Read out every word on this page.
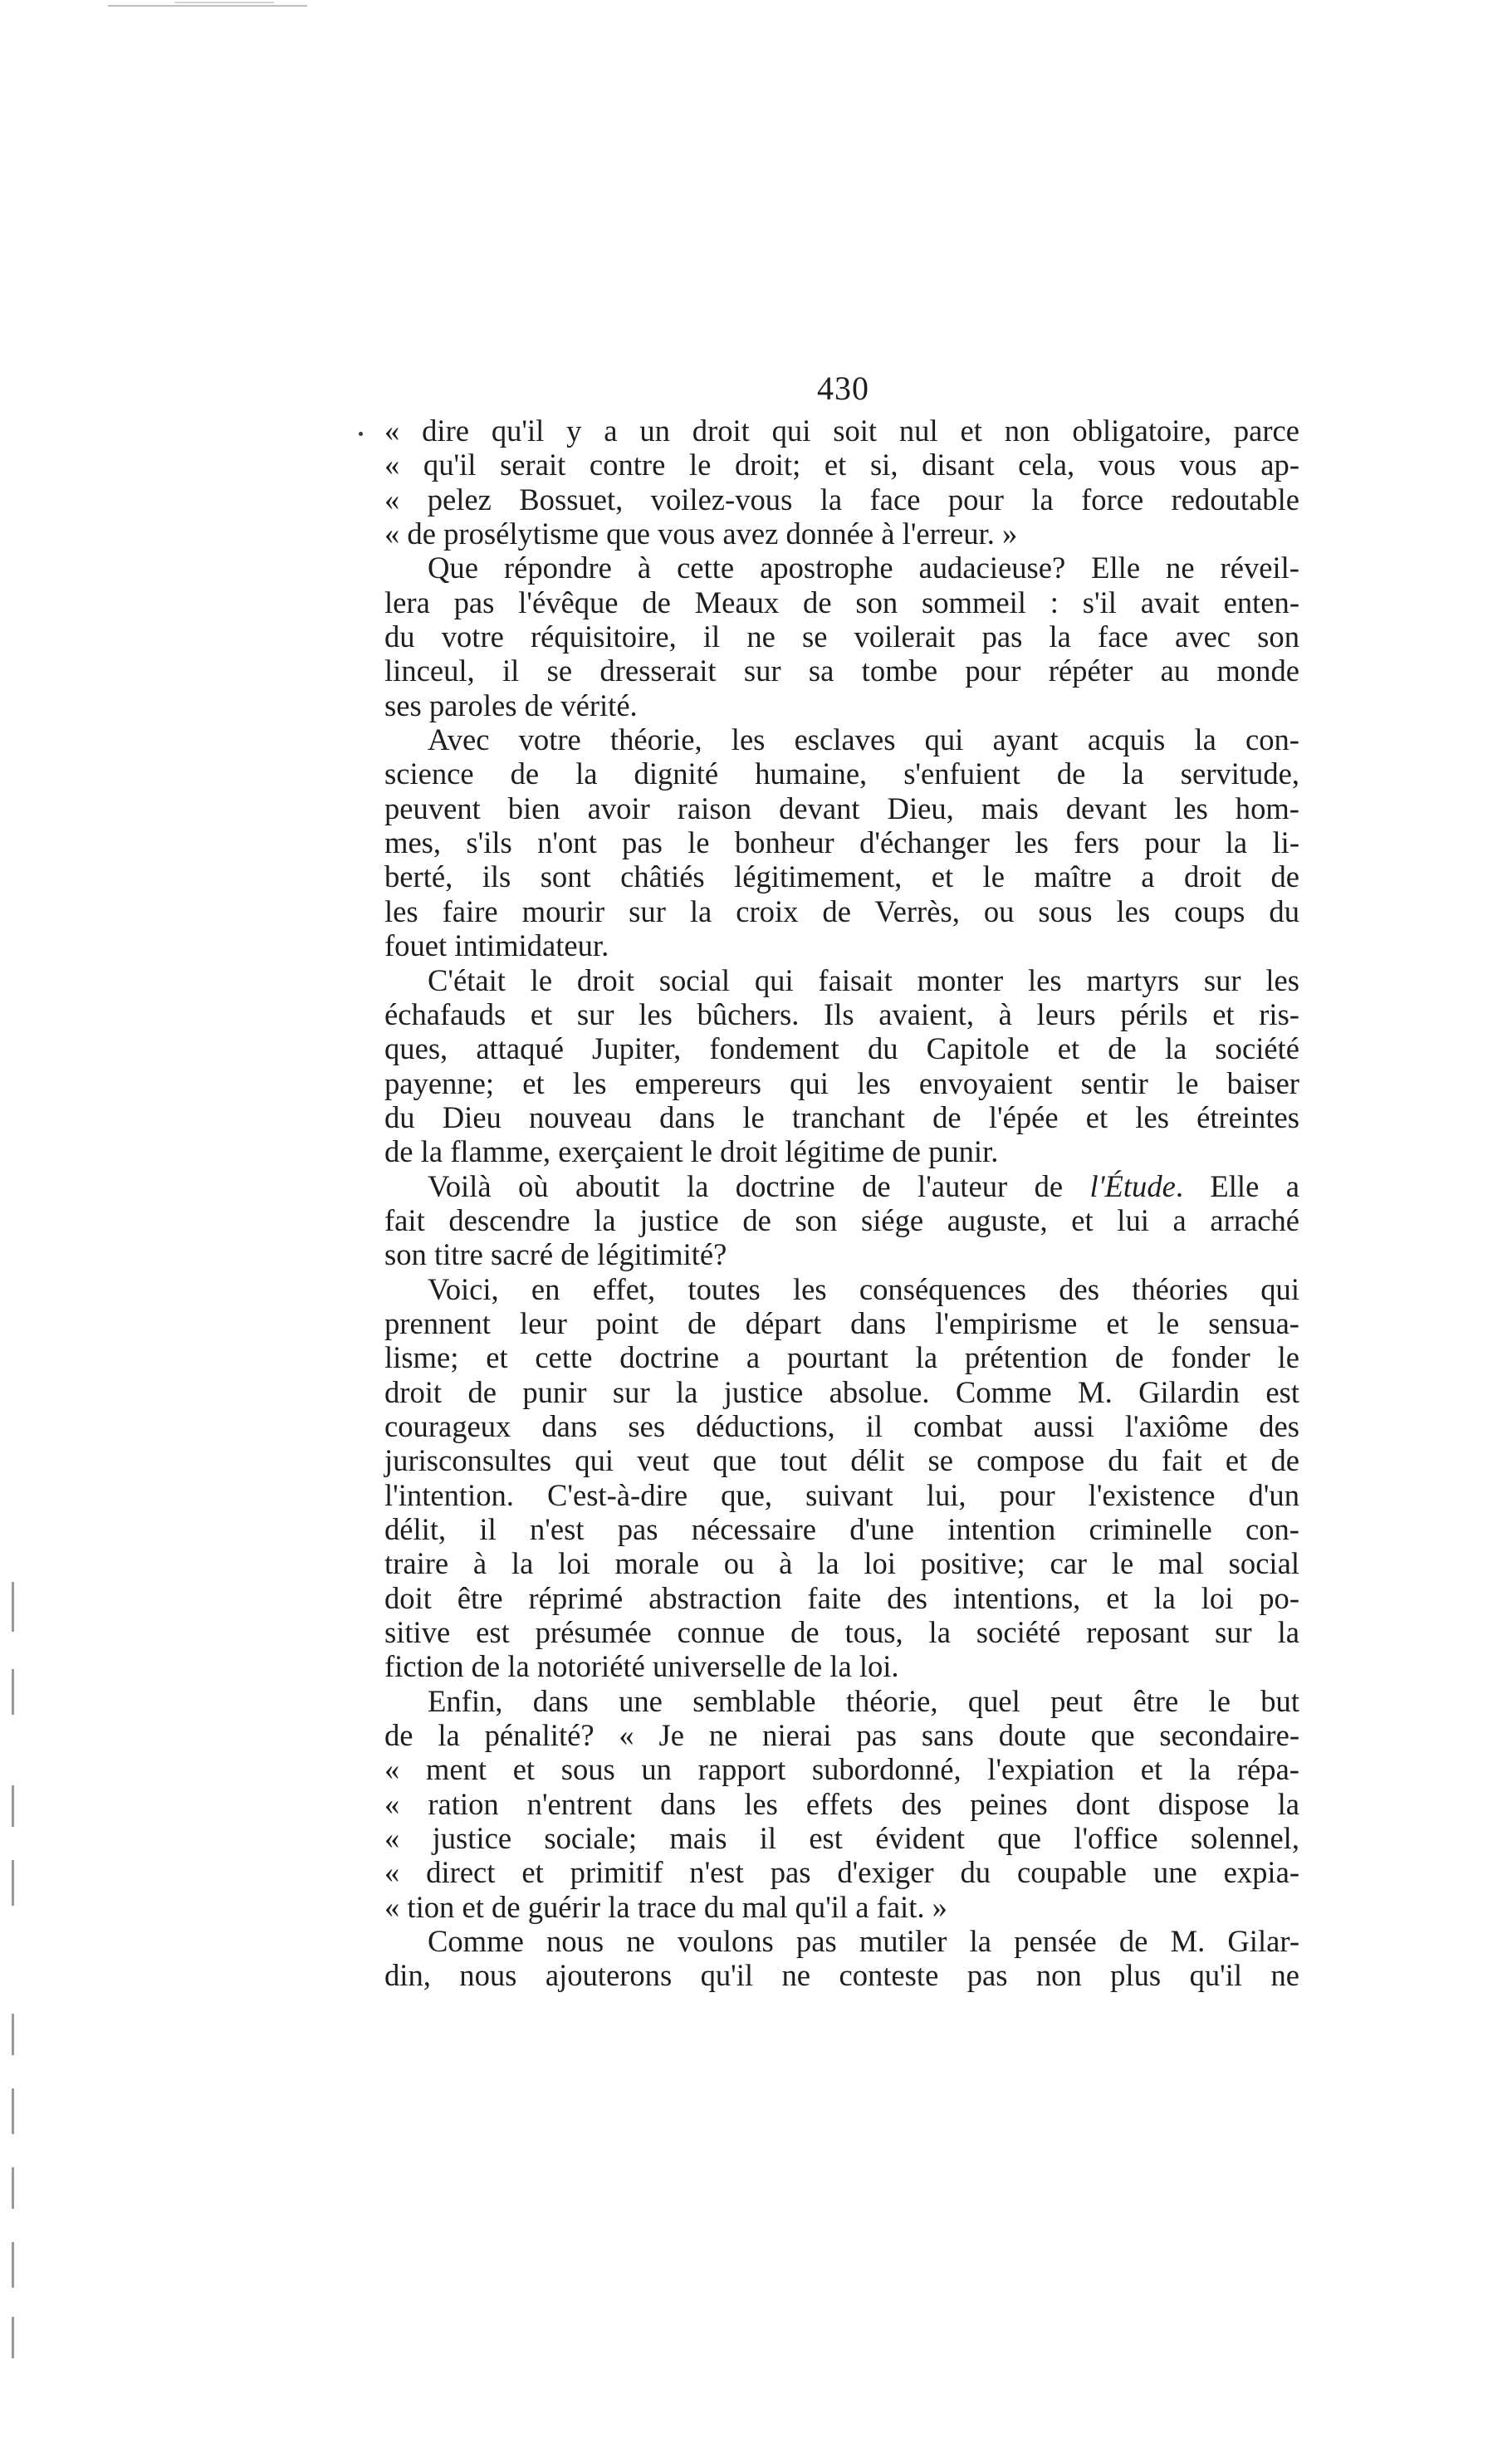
430
« dire qu'il y a un droit qui soit nul et non obligatoire, parce
« qu'il serait contre le droit; et si, disant cela, vous vous ap-
« pelez Bossuet, voilez-vous la face pour la force redoutable
« de prosélytisme que vous avez donnée à l'erreur. »
Que répondre à cette apostrophe audacieuse? Elle ne réveil-
lera pas l'évêque de Meaux de son sommeil : s'il avait enten-
du votre réquisitoire, il ne se voilerait pas la face avec son
linceul, il se dresserait sur sa tombe pour répéter au monde
ses paroles de vérité.
Avec votre théorie, les esclaves qui ayant acquis la con-
science de la dignité humaine, s'enfuient de la servitude,
peuvent bien avoir raison devant Dieu, mais devant les hom-
mes, s'ils n'ont pas le bonheur d'échanger les fers pour la li-
berté, ils sont châtiés légitimement, et le maître a droit de
les faire mourir sur la croix de Verrès, ou sous les coups du
fouet intimidateur.
C'était le droit social qui faisait monter les martyrs sur les
échafauds et sur les bûchers. Ils avaient, à leurs périls et ris-
ques, attaqué Jupiter, fondement du Capitole et de la société
payenne; et les empereurs qui les envoyaient sentir le baiser
du Dieu nouveau dans le tranchant de l'épée et les étreintes
de la flamme, exerçaient le droit légitime de punir.
Voilà où aboutit la doctrine de l'auteur de l'Étude. Elle a
fait descendre la justice de son siége auguste, et lui a arraché
son titre sacré de légitimité?
Voici, en effet, toutes les conséquences des théories qui
prennent leur point de départ dans l'empirisme et le sensua-
lisme; et cette doctrine a pourtant la prétention de fonder le
droit de punir sur la justice absolue. Comme M. Gilardin est
courageux dans ses déductions, il combat aussi l'axiôme des
jurisconsultes qui veut que tout délit se compose du fait et de
l'intention. C'est-à-dire que, suivant lui, pour l'existence d'un
délit, il n'est pas nécessaire d'une intention criminelle con-
traire à la loi morale ou à la loi positive; car le mal social
doit être réprimé abstraction faite des intentions, et la loi po-
sitive est présumée connue de tous, la société reposant sur la
fiction de la notoriété universelle de la loi.
Enfin, dans une semblable théorie, quel peut être le but
de la pénalité? « Je ne nierai pas sans doute que secondaire-
« ment et sous un rapport subordonné, l'expiation et la répa-
« ration n'entrent dans les effets des peines dont dispose la
« justice sociale; mais il est évident que l'office solennel,
« direct et primitif n'est pas d'exiger du coupable une expia-
« tion et de guérir la trace du mal qu'il a fait. »
Comme nous ne voulons pas mutiler la pensée de M. Gilar-
din, nous ajouterons qu'il ne conteste pas non plus qu'il ne
